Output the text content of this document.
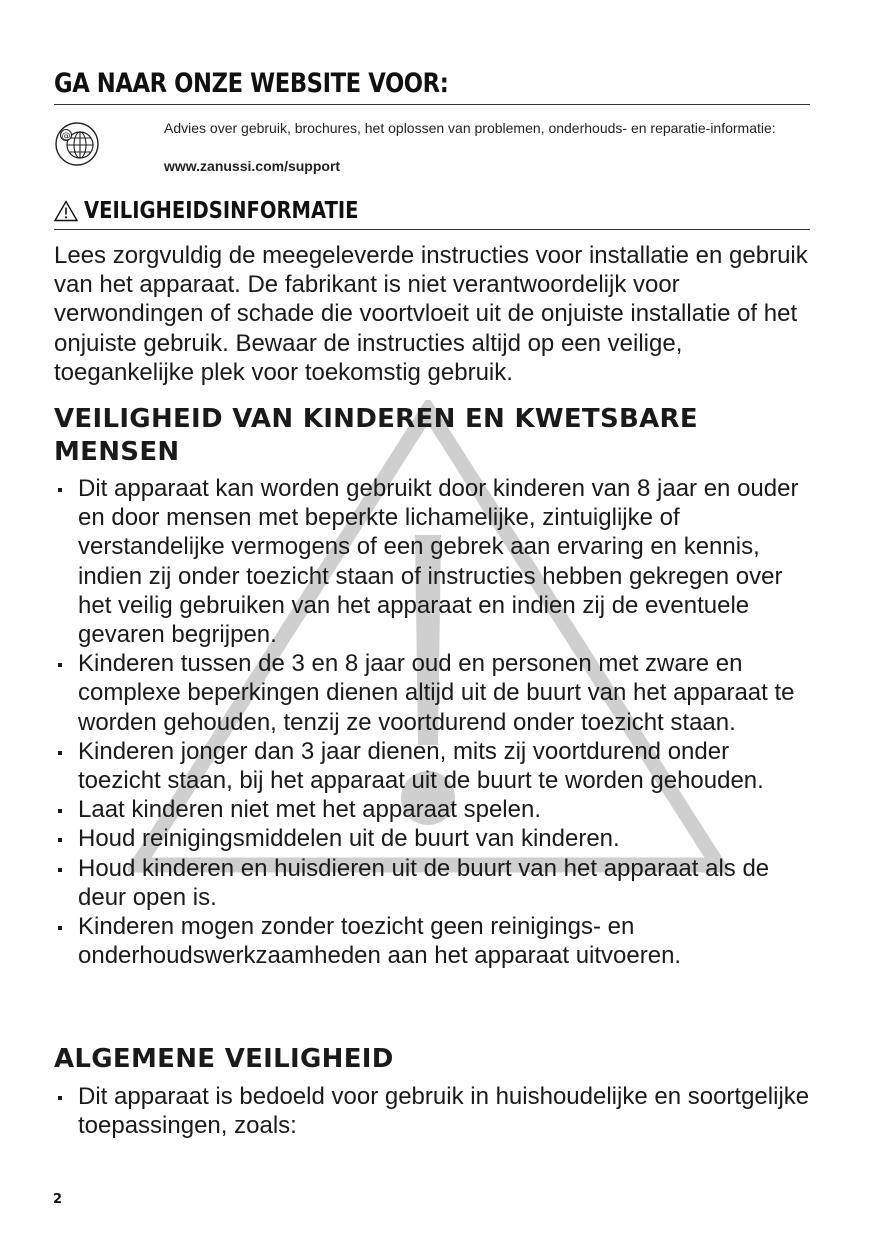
GA NAAR ONZE WEBSITE VOOR:
@
Advies over gebruik, brochures, het oplossen van problemen, onderhouds- en reparatie-informatie:
www.zanussi.com/support
VEILIGHEIDSINFORMATIE

Lees zorgvuldig de meegeleverde instructies voor installatie en gebruik van het apparaat. De fabrikant is niet verantwoordelijk voor verwondingen of schade die voortvloeit uit de onjuiste installatie of het onjuiste gebruik. Bewaar de instructies altijd op een veilige, toegankelijke plek voor toekomstig gebruik.

VEILIGHEID VAN KINDEREN EN KWETSBARE MENSEN
Dit apparaat kan worden gebruikt door kinderen van 8 jaar en ouder en door mensen met beperkte lichamelijke, zintuiglijke of verstandelijke vermogens of een gebrek aan ervaring en kennis, indien zij onder toezicht staan of instructies hebben gekregen over het veilig gebruiken van het apparaat en indien zij de eventuele gevaren begrijpen.
Kinderen tussen de 3 en 8 jaar oud en personen met zware en complexe beperkingen dienen altijd uit de buurt van het apparaat te worden gehouden, tenzij ze voortdurend onder toezicht staan.
Kinderen jonger dan 3 jaar dienen, mits zij voortdurend onder toezicht staan, bij het apparaat uit de buurt te worden gehouden.
Laat kinderen niet met het apparaat spelen.
Houd reinigingsmiddelen uit de buurt van kinderen.
Houd kinderen en huisdieren uit de buurt van het apparaat als de deur open is.
Kinderen mogen zonder toezicht geen reinigings- en onderhoudswerkzaamheden aan het apparaat uitvoeren.
ALGEMENE VEILIGHEID
Dit apparaat is bedoeld voor gebruik in huishoudelijke en soortgelijke toepassingen, zoals:
2
